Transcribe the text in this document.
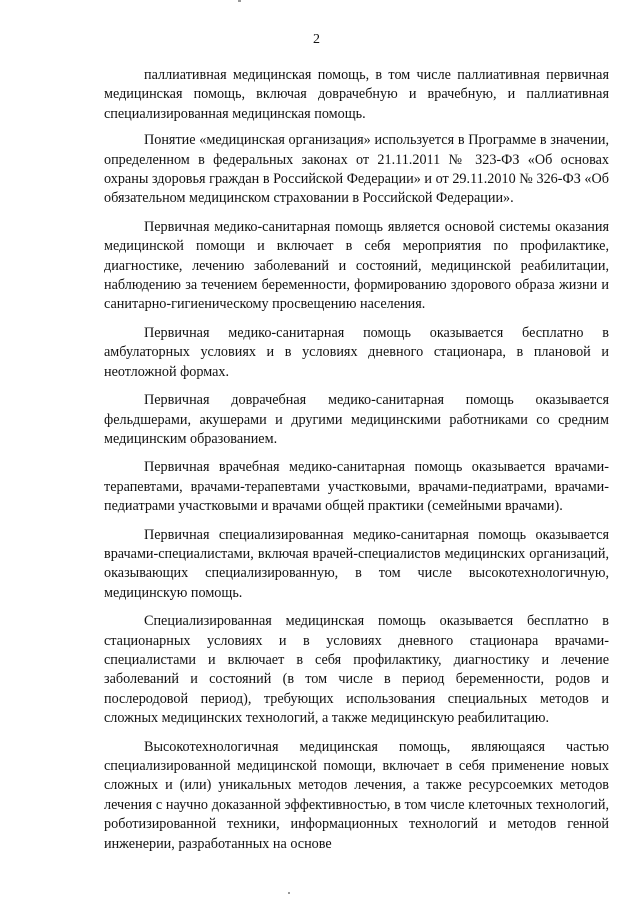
2

паллиативная медицинская помощь, в том числе паллиативная первичная медицинская помощь, включая доврачебную и врачебную, и паллиативная специализированная медицинская помощь.

Понятие «медицинская организация» используется в Программе в значении, определенном в федеральных законах от 21.11.2011 № 323-ФЗ «Об основах охраны здоровья граждан в Российской Федерации» и от 29.11.2010 № 326-ФЗ «Об обязательном медицинском страховании в Российской Федерации».

Первичная медико-санитарная помощь является основой системы оказания медицинской помощи и включает в себя мероприятия по профилактике, диагностике, лечению заболеваний и состояний, медицинской реабилитации, наблюдению за течением беременности, формированию здорового образа жизни и санитарно-гигиеническому просвещению населения.

Первичная медико-санитарная помощь оказывается бесплатно в амбулаторных условиях и в условиях дневного стационара, в плановой и неотложной формах.

Первичная доврачебная медико-санитарная помощь оказывается фельдшерами, акушерами и другими медицинскими работниками со средним медицинским образованием.

Первичная врачебная медико-санитарная помощь оказывается врачами-терапевтами, врачами-терапевтами участковыми, врачами-педиатрами, врачами-педиатрами участковыми и врачами общей практики (семейными врачами).

Первичная специализированная медико-санитарная помощь оказывается врачами-специалистами, включая врачей-специалистов медицинских организаций, оказывающих специализированную, в том числе высокотехнологичную, медицинскую помощь.

Специализированная медицинская помощь оказывается бесплатно в стационарных условиях и в условиях дневного стационара врачами-специалистами и включает в себя профилактику, диагностику и лечение заболеваний и состояний (в том числе в период беременности, родов и послеродовой период), требующих использования специальных методов и сложных медицинских технологий, а также медицинскую реабилитацию.

Высокотехнологичная медицинская помощь, являющаяся частью специализированной медицинской помощи, включает в себя применение новых сложных и (или) уникальных методов лечения, а также ресурсоемких методов лечения с научно доказанной эффективностью, в том числе клеточных технологий, роботизированной техники, информационных технологий и методов генной инженерии, разработанных на основе
